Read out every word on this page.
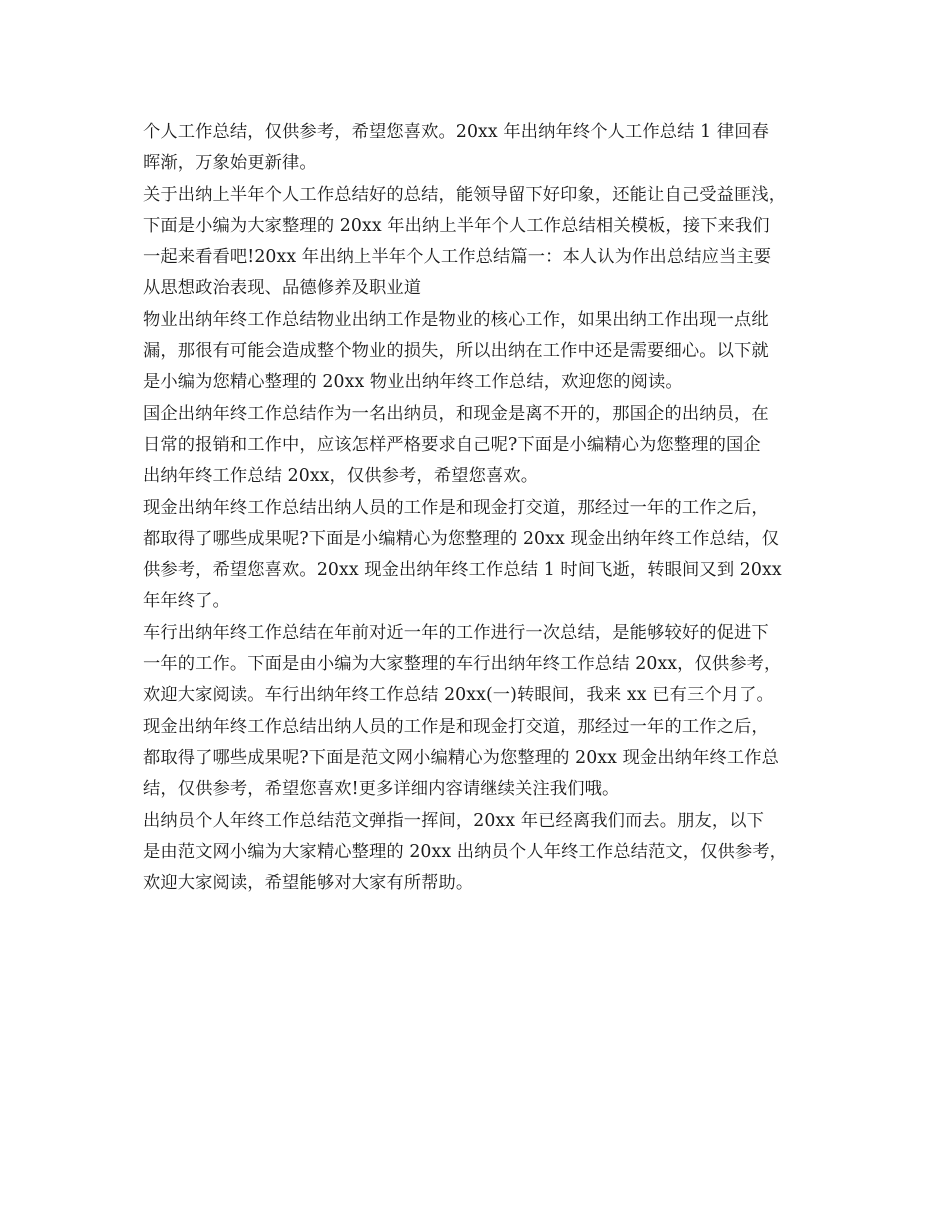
个人工作总结，仅供参考，希望您喜欢。20xx 年出纳年终个人工作总结 1 律回春
晖渐，万象始更新律。
关于出纳上半年个人工作总结好的总结，能领导留下好印象，还能让自己受益匪浅，
下面是小编为大家整理的 20xx 年出纳上半年个人工作总结相关模板，接下来我们
一起来看看吧!20xx 年出纳上半年个人工作总结篇一：本人认为作出总结应当主要
从思想政治表现、品德修养及职业道
物业出纳年终工作总结物业出纳工作是物业的核心工作，如果出纳工作出现一点纰
漏，那很有可能会造成整个物业的损失，所以出纳在工作中还是需要细心。以下就
是小编为您精心整理的 20xx 物业出纳年终工作总结，欢迎您的阅读。
国企出纳年终工作总结作为一名出纳员，和现金是离不开的，那国企的出纳员，在
日常的报销和工作中，应该怎样严格要求自己呢?下面是小编精心为您整理的国企
出纳年终工作总结 20xx，仅供参考，希望您喜欢。
现金出纳年终工作总结出纳人员的工作是和现金打交道，那经过一年的工作之后，
都取得了哪些成果呢?下面是小编精心为您整理的 20xx 现金出纳年终工作总结，仅
供参考，希望您喜欢。20xx 现金出纳年终工作总结 1 时间飞逝，转眼间又到 20xx
年年终了。
车行出纳年终工作总结在年前对近一年的工作进行一次总结，是能够较好的促进下
一年的工作。下面是由小编为大家整理的车行出纳年终工作总结 20xx，仅供参考，
欢迎大家阅读。车行出纳年终工作总结 20xx(一)转眼间，我来 xx 已有三个月了。
现金出纳年终工作总结出纳人员的工作是和现金打交道，那经过一年的工作之后，
都取得了哪些成果呢?下面是范文网小编精心为您整理的 20xx 现金出纳年终工作总
结，仅供参考，希望您喜欢!更多详细内容请继续关注我们哦。
出纳员个人年终工作总结范文弹指一挥间，20xx 年已经离我们而去。朋友，以下
是由范文网小编为大家精心整理的 20xx 出纳员个人年终工作总结范文，仅供参考，
欢迎大家阅读，希望能够对大家有所帮助。
